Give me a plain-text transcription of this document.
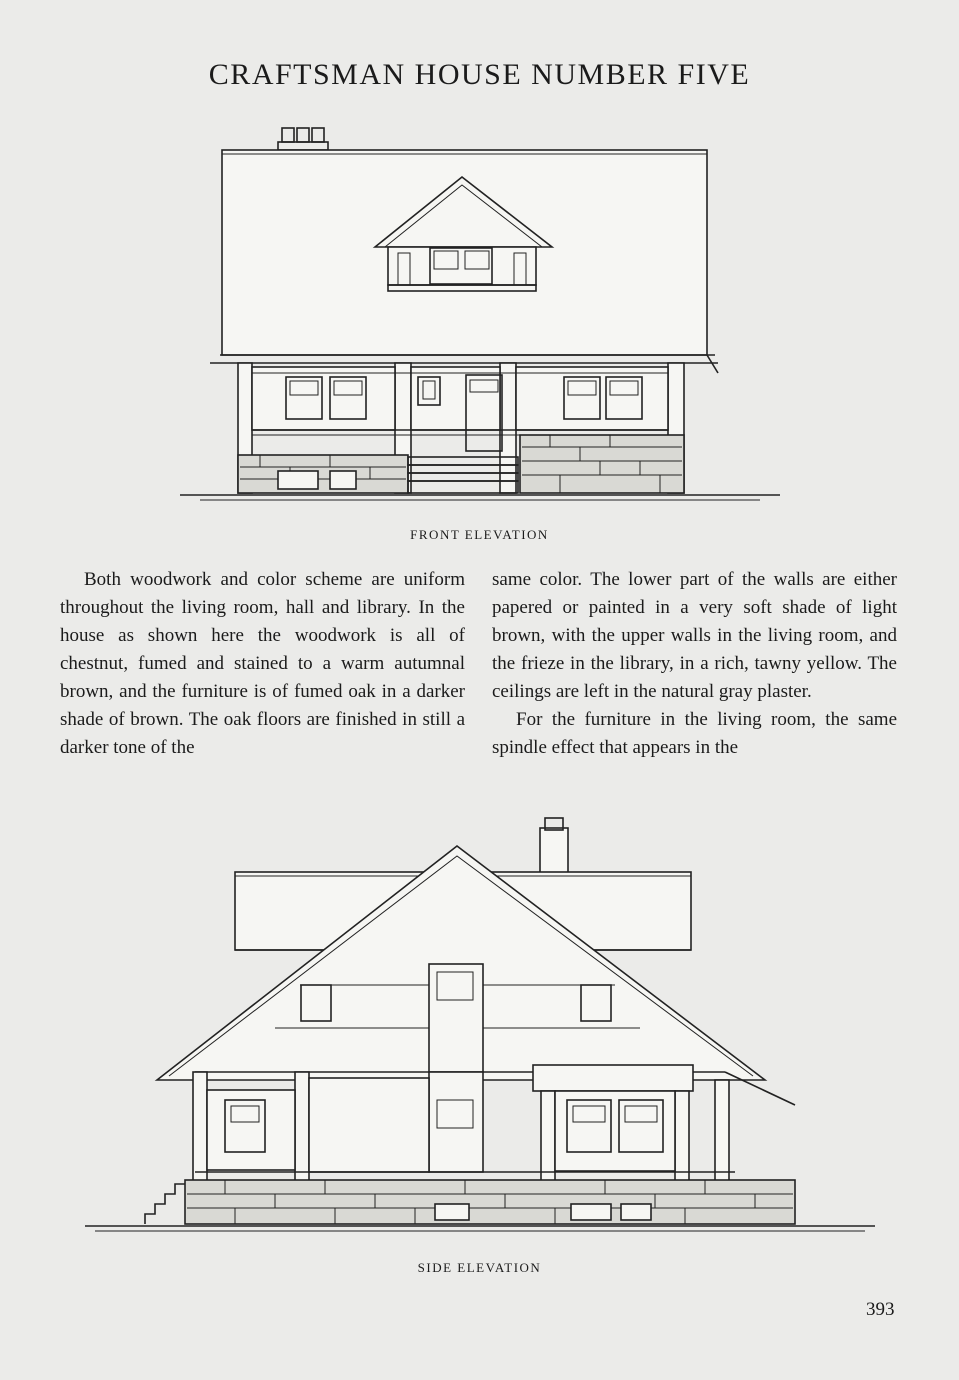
CRAFTSMAN HOUSE NUMBER FIVE
FRONT ELEVATION

Both woodwork and color scheme are uniform throughout the living room, hall and library. In the house as shown here the woodwork is all of chestnut, fumed and stained to a warm autumnal brown, and the furniture is of fumed oak in a darker shade of brown. The oak floors are finished in still a darker tone of the

same color. The lower part of the walls are either papered or painted in a very soft shade of light brown, with the upper walls in the living room, and the frieze in the library, in a rich, tawny yellow. The ceilings are left in the natural gray plaster.

For the furniture in the living room, the same spindle effect that appears in the

SIDE ELEVATION
393
